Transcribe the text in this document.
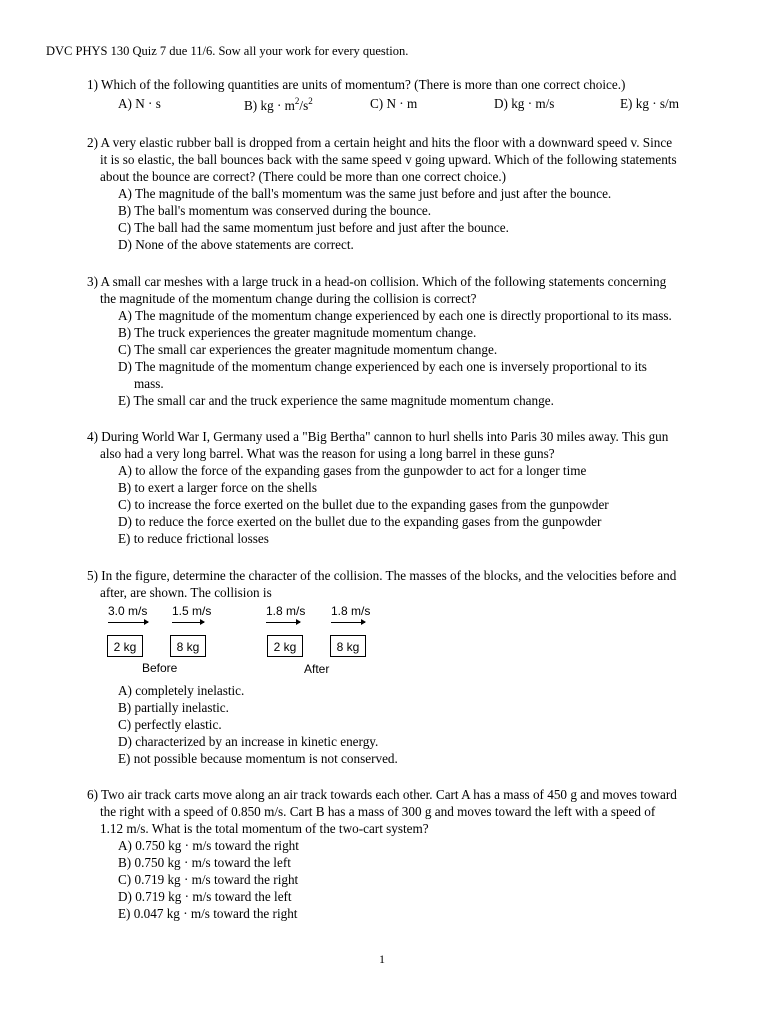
DVC PHYS 130 Quiz 7 due 11/6. Sow all your work for every question.
1) Which of the following quantities are units of momentum? (There is more than one correct choice.)
A) N · s	B) kg · $m^2/s^2$	C) N · m	D) kg · m/s	E) kg · s/m
2) A very elastic rubber ball is dropped from a certain height and hits the floor with a downward speed v. Since
it is so elastic, the ball bounces back with the same speed v going upward. Which of the following statements
about the bounce are correct? (There could be more than one correct choice.)
A) The magnitude of the ball's momentum was the same just before and just after the bounce.
B) The ball's momentum was conserved during the bounce.
C) The ball had the same momentum just before and just after the bounce.
D) None of the above statements are correct.
3) A small car meshes with a large truck in a head-on collision. Which of the following statements concerning
the magnitude of the momentum change during the collision is correct?
A) The magnitude of the momentum change experienced by each one is directly proportional to its mass.
B) The truck experiences the greater magnitude momentum change.
C) The small car experiences the greater magnitude momentum change.
D) The magnitude of the momentum change experienced by each one is inversely proportional to its
mass.
E) The small car and the truck experience the same magnitude momentum change.
4) During World War I, Germany used a "Big Bertha" cannon to hurl shells into Paris 30 miles away. This gun
also had a very long barrel. What was the reason for using a long barrel in these guns?
A) to allow the force of the expanding gases from the gunpowder to act for a longer time
B) to exert a larger force on the shells
C) to increase the force exerted on the bullet due to the expanding gases from the gunpowder
D) to reduce the force exerted on the bullet due to the expanding gases from the gunpowder
E) to reduce frictional losses
5) In the figure, determine the character of the collision. The masses of the blocks, and the velocities before and
after, are shown. The collision is
3.0 m/s 1.5 m/s	1.8 m/s 1.8 m/s
2 kg	8 kg	2 kg	8 kg
Before	After
A) completely inelastic.
B) partially inelastic.
C) perfectly elastic.
D) characterized by an increase in kinetic energy.
E) not possible because momentum is not conserved.
6) Two air track carts move along an air track towards each other. Cart A has a mass of 450 g and moves toward
the right with a speed of 0.850 m/s. Cart B has a mass of 300 g and moves toward the left with a speed of
1.12 m/s. What is the total momentum of the two-cart system?
A) 0.750 kg · m/s toward the right
B) 0.750 kg · m/s toward the left
C) 0.719 kg · m/s toward the right
D) 0.719 kg · m/s toward the left
E) 0.047 kg · m/s toward the right
1
